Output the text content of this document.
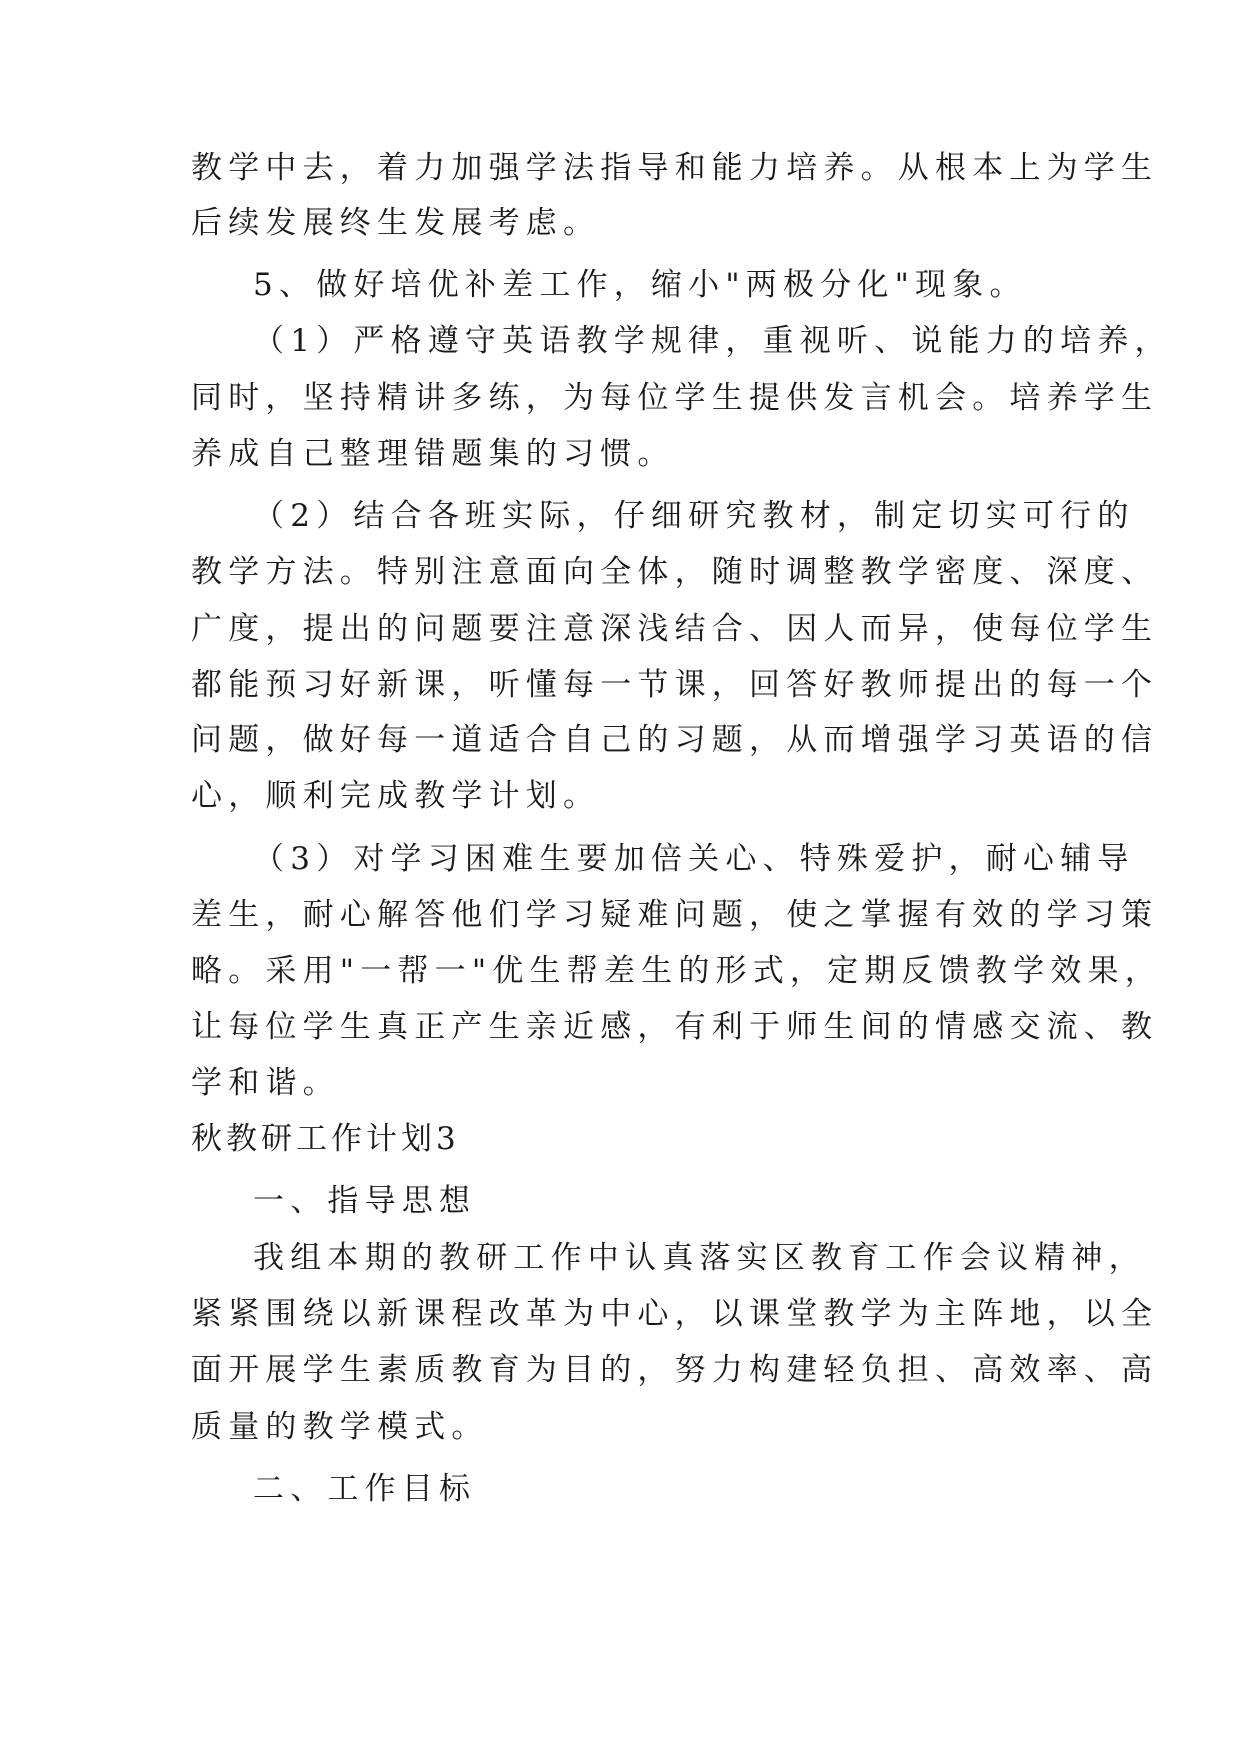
教学中去，着力加强学法指导和能力培养。从根本上为学生
后续发展终生发展考虑。
5、做好培优补差工作，缩小"两极分化"现象。
（1）严格遵守英语教学规律，重视听、说能力的培养，
同时，坚持精讲多练，为每位学生提供发言机会。培养学生
养成自己整理错题集的习惯。
（2）结合各班实际，仔细研究教材，制定切实可行的
教学方法。特别注意面向全体，随时调整教学密度、深度、
广度，提出的问题要注意深浅结合、因人而异，使每位学生
都能预习好新课，听懂每一节课，回答好教师提出的每一个
问题，做好每一道适合自己的习题，从而增强学习英语的信
心，顺利完成教学计划。
（3）对学习困难生要加倍关心、特殊爱护，耐心辅导
差生，耐心解答他们学习疑难问题，使之掌握有效的学习策
略。采用"一帮一"优生帮差生的形式，定期反馈教学效果，
让每位学生真正产生亲近感，有利于师生间的情感交流、教
学和谐。
秋教研工作计划3
一、指导思想
我组本期的教研工作中认真落实区教育工作会议精神，
紧紧围绕以新课程改革为中心，以课堂教学为主阵地，以全
面开展学生素质教育为目的，努力构建轻负担、高效率、高
质量的教学模式。
二、工作目标
